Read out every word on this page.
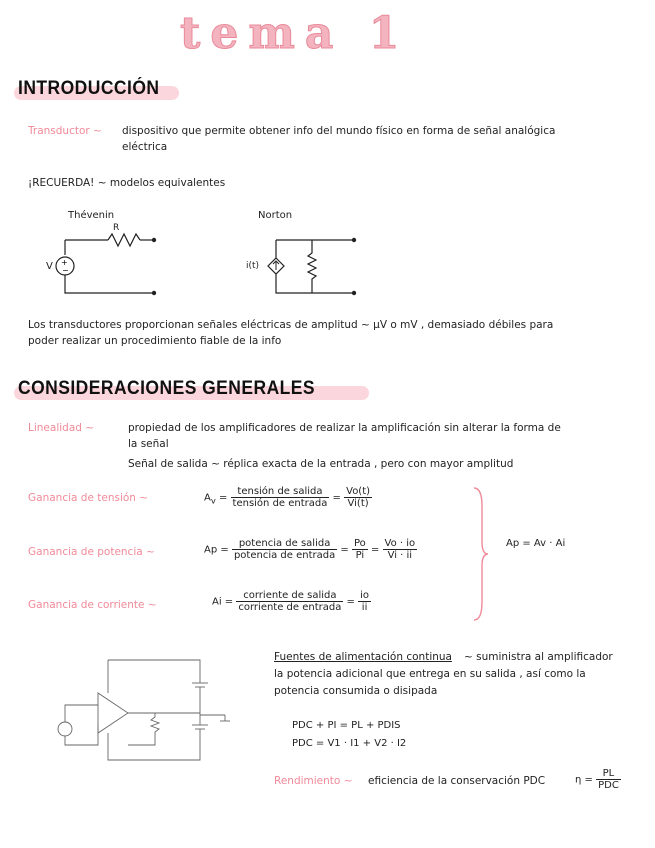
tema 1
INTRODUCCIÓN
Transductor ~ dispositivo que permite obtener info del mundo físico en forma de señal analógica
eléctrica
¡RECUERDA! ~ modelos equivalentes
Thévenin	Norton
+
−
R
V	i(t)
Los transductores proporcionan señales eléctricas de amplitud ~ µV o mV , demasiado débiles para
poder realizar un procedimiento fiable de la info
CONSIDERACIONES GENERALES
Linealidad ~	propiedad de los amplificadores de realizar la amplificación sin alterar la forma de
la señal
Señal de salida ~ réplica exacta de la entrada , pero con mayor amplitud
Ganancia de tensión ~	$A_v = \frac{\text{tensión de salida}}{\text{tensión de entrada}} = \frac{Vo(t)}{Vi(t)}$
Ganancia de potencia ~	$Ap = \frac{\text{potencia de salida}}{\text{potencia de entrada}} = \frac{Po}{Pi} = \frac{Vo \cdot io}{Vi \cdot ii}$	Ap = Av · Ai
Ganancia de corriente ~	$Ai = \frac{\text{corriente de salida}}{\text{corriente de entrada}} = \frac{io}{ii}$
Fuentes de alimentación continua ~ suministra al amplificador
la potencia adicional que entrega en su salida , así como la
potencia consumida o disipada
PDC + PI = PL + PDIS
PDC = V1 · I1 + V2 · I2
Rendimiento ~ eficiencia de la conservación PDC	$\eta = \frac{PL}{\text{PDC}}$
